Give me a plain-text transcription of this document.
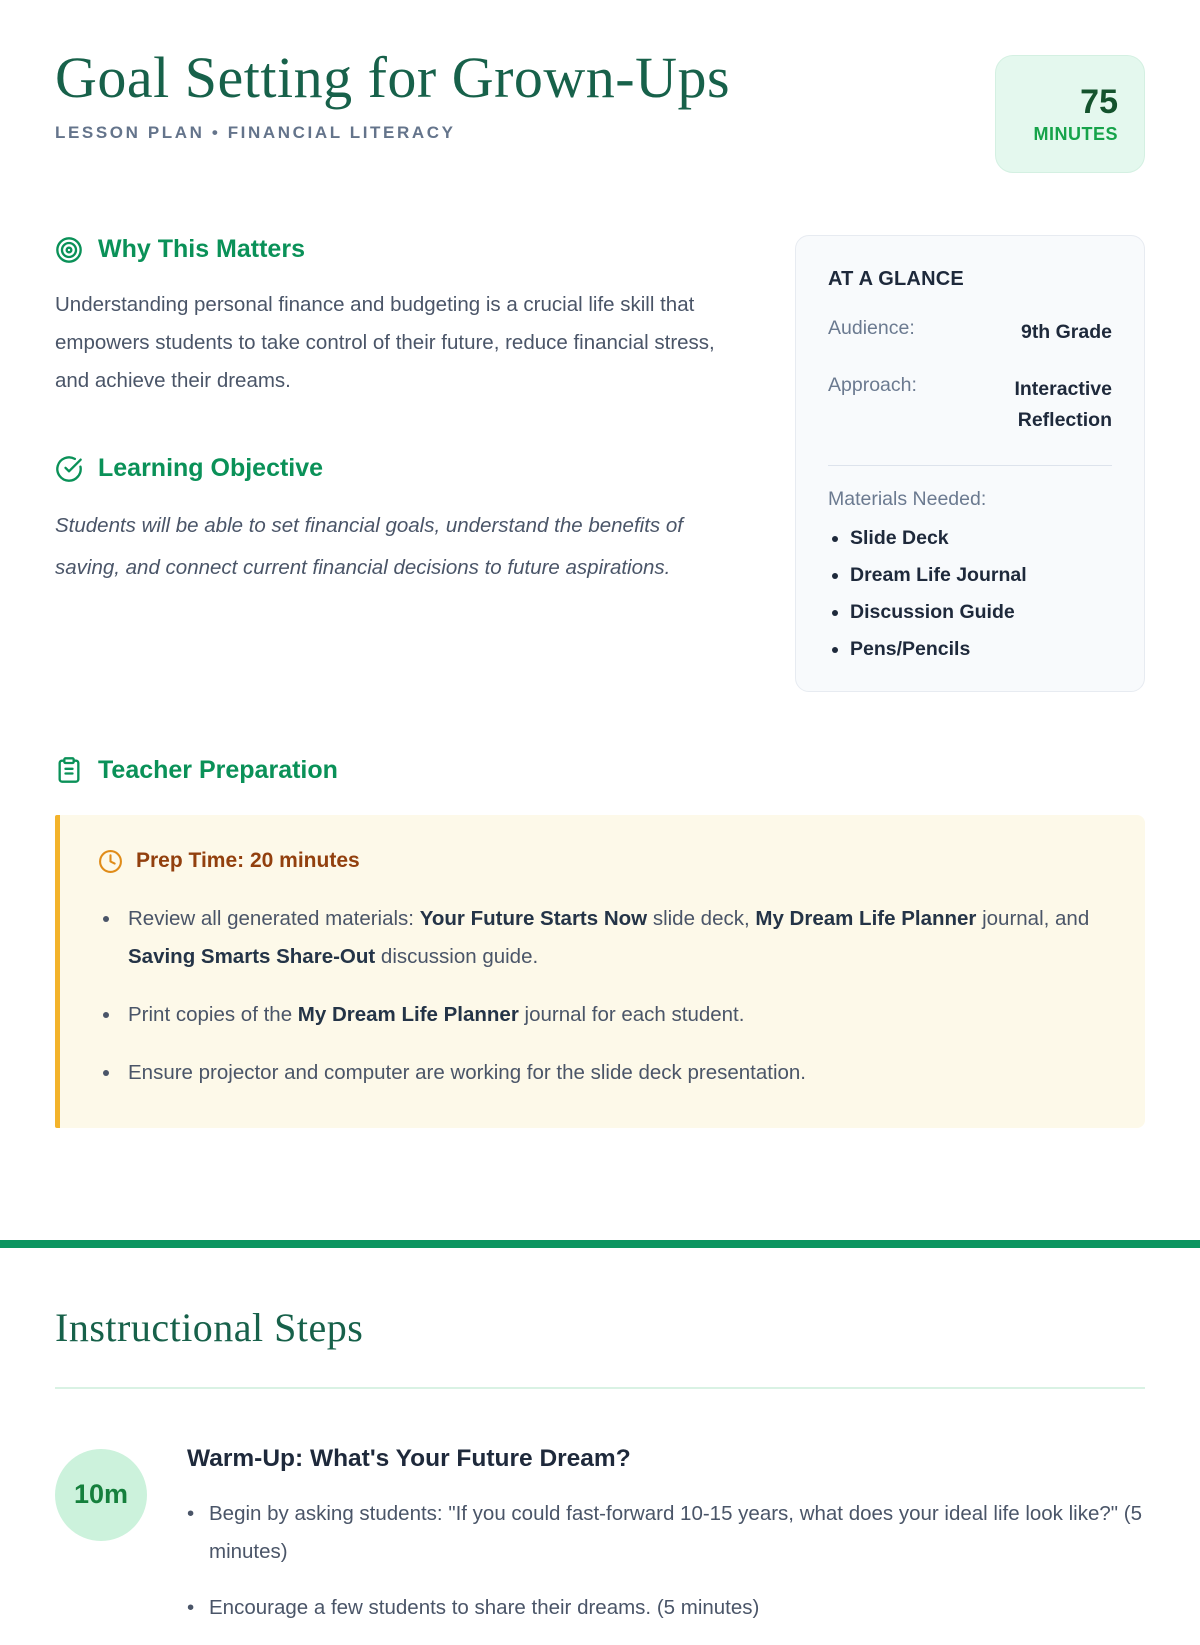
Goal Setting for Grown-Ups
LESSON PLAN • FINANCIAL LITERACY
75
MINUTES
Why This Matters

Understanding personal finance and budgeting is a crucial life skill that empowers students to take control of their future, reduce financial stress, and achieve their dreams.

Learning Objective

Students will be able to set financial goals, understand the benefits of saving, and connect current financial decisions to future aspirations.

AT A GLANCE
Audience:	9th Grade
Approach:	Interactive Reflection
Materials Needed:
• Slide Deck
• Dream Life Journal
• Discussion Guide
• Pens/Pencils
Teacher Preparation
Prep Time: 20 minutes
• Review all generated materials: Your Future Starts Now slide deck, My Dream Life Planner journal, and Saving Smarts Share-Out discussion guide.
• Print copies of the My Dream Life Planner journal for each student.
• Ensure projector and computer are working for the slide deck presentation.
Instructional Steps
10m
Warm-Up: What's Your Future Dream?
• Begin by asking students: "If you could fast-forward 10-15 years, what does your ideal life look like?" (5 minutes)
• Encourage a few students to share their dreams. (5 minutes)
